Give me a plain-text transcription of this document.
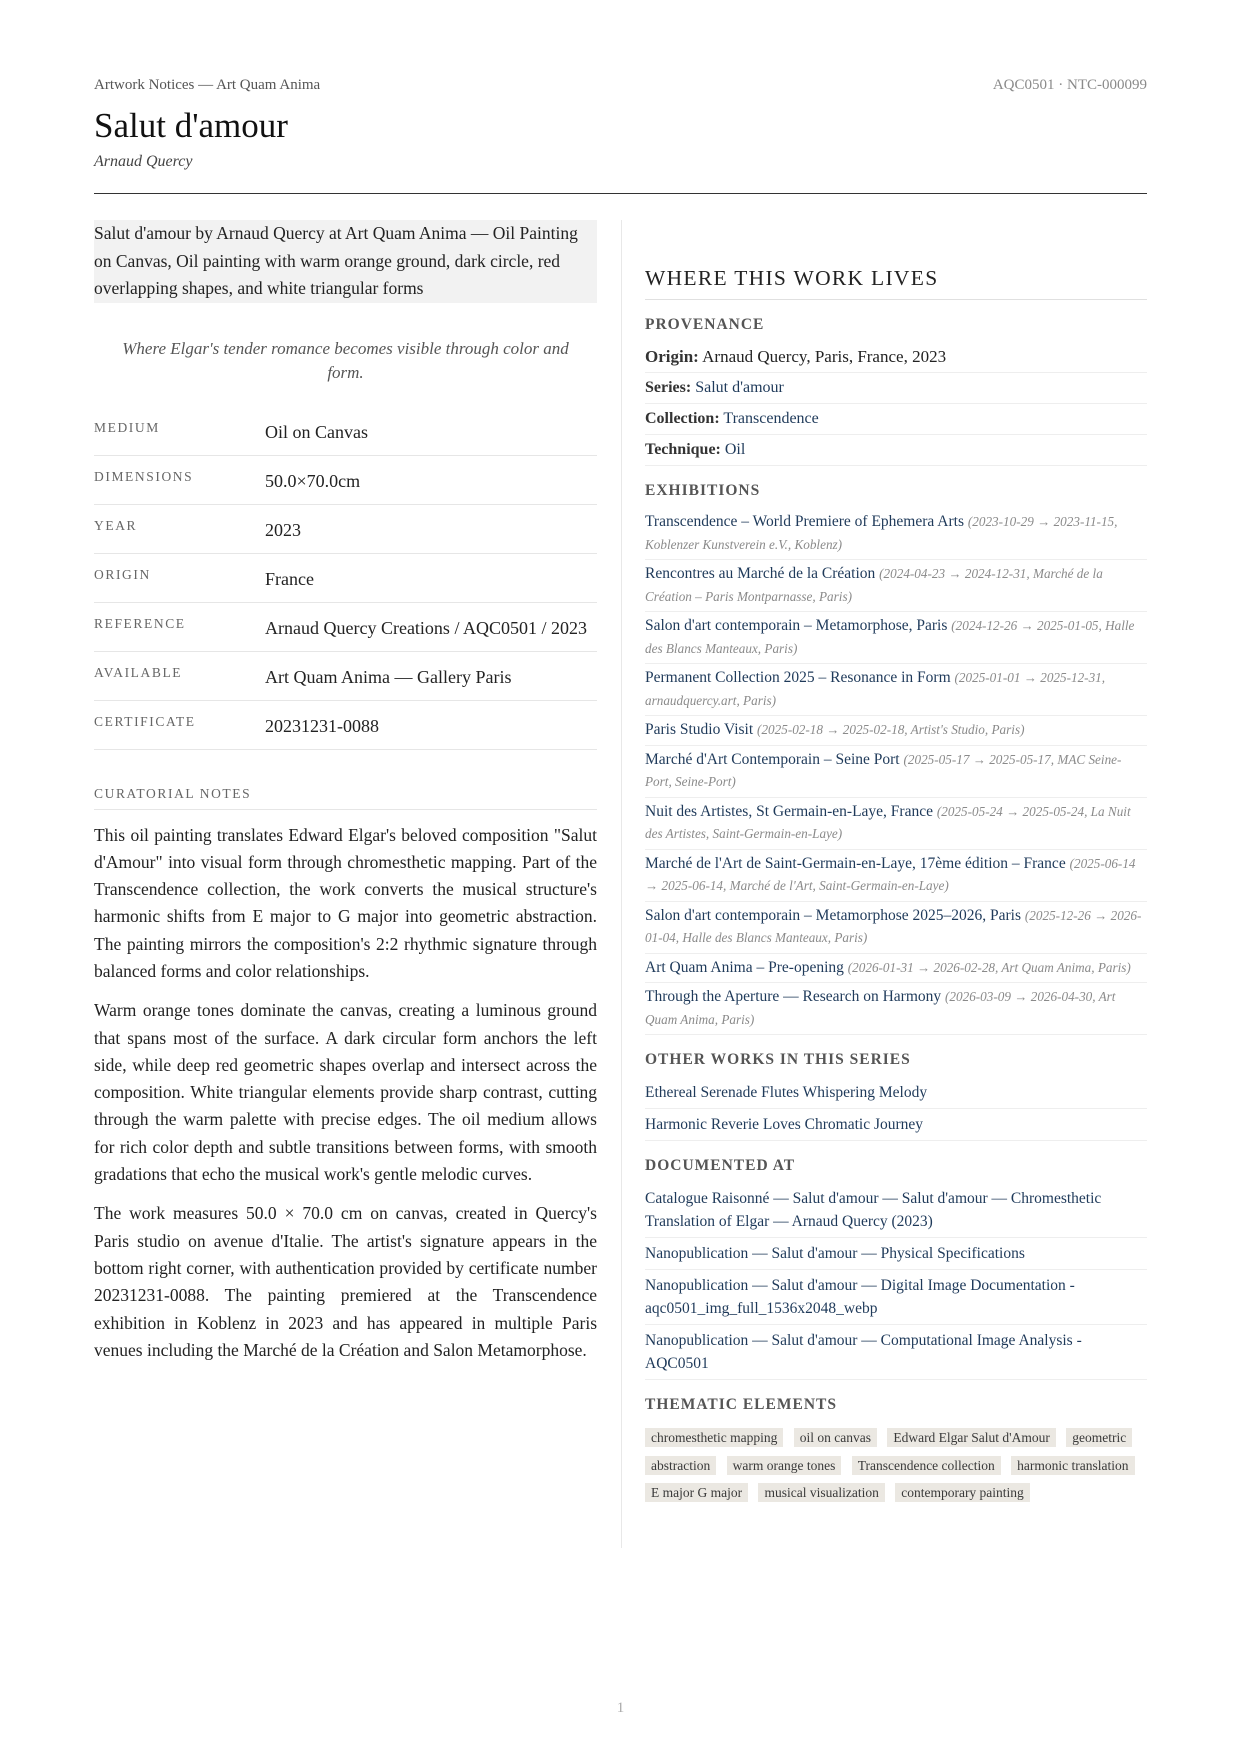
Artwork Notices — Art Quam Anima	AQC0501 · NTC-000099
Salut d'amour
Arnaud Quercy

Salut d'amour by Arnaud Quercy at Art Quam Anima — Oil Painting on Canvas, Oil painting with warm orange ground, dark circle, red overlapping shapes, and white triangular forms

Where Elgar's tender romance becomes visible through color and form.

MEDIUM	Oil on Canvas
DIMENSIONS	50.0×70.0cm
YEAR	2023
ORIGIN	France
REFERENCE	Arnaud Quercy Creations / AQC0501 / 2023
AVAILABLE	Art Quam Anima — Gallery Paris
CERTIFICATE	20231231-0088
CURATORIAL NOTES

This oil painting translates Edward Elgar's beloved composition "Salut d'Amour" into visual form through chromesthetic mapping. Part of the Transcendence collection, the work converts the musical structure's harmonic shifts from E major to G major into geometric abstraction. The painting mirrors the composition's 2:2 rhythmic signature through balanced forms and color relationships.

Warm orange tones dominate the canvas, creating a luminous ground that spans most of the surface. A dark circular form anchors the left side, while deep red geometric shapes overlap and intersect across the composition. White triangular elements provide sharp contrast, cutting through the warm palette with precise edges. The oil medium allows for rich color depth and subtle transitions between forms, with smooth gradations that echo the musical work's gentle melodic curves.

The work measures 50.0 × 70.0 cm on canvas, created in Quercy's Paris studio on avenue d'Italie. The artist's signature appears in the bottom right corner, with authentication provided by certificate number 20231231-0088. The painting premiered at the Transcendence exhibition in Koblenz in 2023 and has appeared in multiple Paris venues including the Marché de la Création and Salon Metamorphose.

WHERE THIS WORK LIVES
PROVENANCE
Origin: Arnaud Quercy, Paris, France, 2023
Series: Salut d'amour
Collection: Transcendence
Technique: Oil
EXHIBITIONS
Transcendence – World Premiere of Ephemera Arts (2023-10-29 → 2023-11-15, Koblenzer Kunstverein e.V., Koblenz)
Rencontres au Marché de la Création (2024-04-23 → 2024-12-31, Marché de la Création – Paris Montparnasse, Paris)
Salon d'art contemporain – Metamorphose, Paris (2024-12-26 → 2025-01-05, Halle des Blancs Manteaux, Paris)
Permanent Collection 2025 – Resonance in Form (2025-01-01 → 2025-12-31, arnaudquercy.art, Paris)
Paris Studio Visit (2025-02-18 → 2025-02-18, Artist's Studio, Paris)
Marché d'Art Contemporain – Seine Port (2025-05-17 → 2025-05-17, MAC Seine-Port, Seine-Port)
Nuit des Artistes, St Germain-en-Laye, France (2025-05-24 → 2025-05-24, La Nuit des Artistes, Saint-Germain-en-Laye)
Marché de l'Art de Saint-Germain-en-Laye, 17ème édition – France (2025-06-14 → 2025-06-14, Marché de l'Art, Saint-Germain-en-Laye)
Salon d'art contemporain – Metamorphose 2025–2026, Paris (2025-12-26 → 2026-01-04, Halle des Blancs Manteaux, Paris)
Art Quam Anima – Pre-opening (2026-01-31 → 2026-02-28, Art Quam Anima, Paris)
Through the Aperture — Research on Harmony (2026-03-09 → 2026-04-30, Art Quam Anima, Paris)
OTHER WORKS IN THIS SERIES
Ethereal Serenade Flutes Whispering Melody
Harmonic Reverie Loves Chromatic Journey
DOCUMENTED AT
Catalogue Raisonné — Salut d'amour — Salut d'amour — Chromesthetic Translation of Elgar — Arnaud Quercy (2023)
Nanopublication — Salut d'amour — Physical Specifications
Nanopublication — Salut d'amour — Digital Image Documentation - aqc0501_img_full_1536x2048_webp
Nanopublication — Salut d'amour — Computational Image Analysis - AQC0501
THEMATIC ELEMENTS
chromesthetic mapping oil on canvas Edward Elgar Salut d'Amour geometric abstraction warm orange tones Transcendence collection harmonic translation E major G major musical visualization contemporary painting
1
